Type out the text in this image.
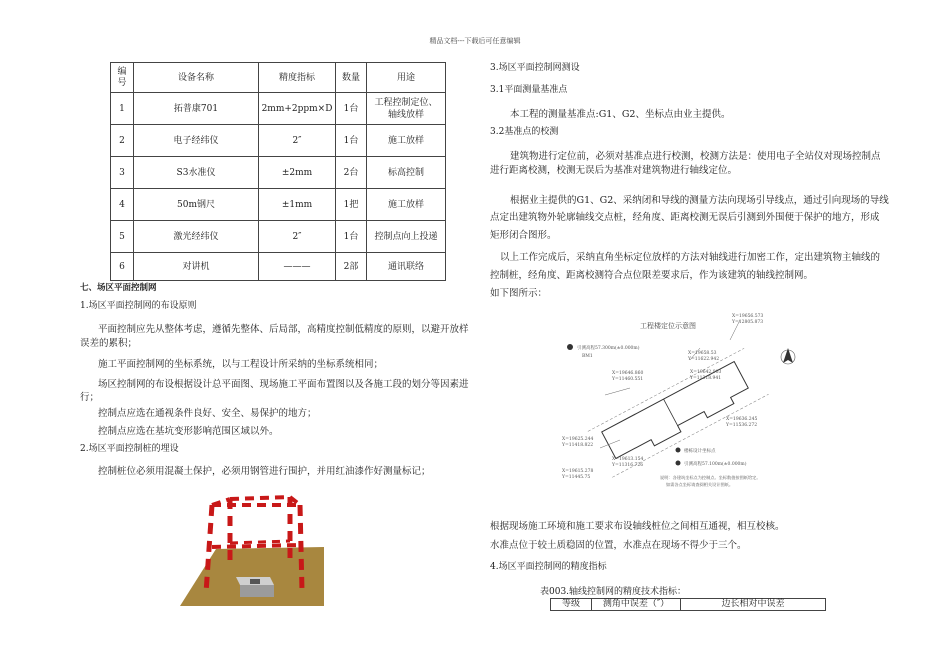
精品文档---下载后可任意编辑
编号	设备名称	精度指标	数量	用途
1	拓普康701	2mm+2ppm×D	1台	工程控制定位、轴线放样

2	电子经纬仪	2″	1台	施工放样
3	S3水准仪	±2mm	2台	标高控制
4	50m钢尺	±1mm	1把	施工放样
5	激光经纬仪	2″	1台	控制点向上投递
6	对讲机	———	2部	通讯联络
七、场区平面控制网
1.场区平面控制网的布设原则
平面控制应先从整体考虑，遵循先整体、后局部，高精度控制低精度的原则，以避开放样
误差的累积；
施工平面控制网的坐标系统，以与工程设计所采纳的坐标系统相同；
场区控制网的布设根据设计总平面图、现场施工平面布置图以及各施工段的划分等因素进
行；
控制点应选在通视条件良好、安全、易保护的地方；
控制点应选在基坑变形影响范围区域以外。
2.场区平面控制桩的埋设
控制桩位必须用混凝土保护，必须用钢管进行围护，并用红油漆作好测量标记；
3.场区平面控制网测设
3.1平面测量基准点
本工程的测量基准点:G1、G2、坐标点由业主提供。
3.2基准点的校测
建筑物进行定位前，必须对基准点进行校测，校测方法是：使用电子全站仪对现场控制点
进行距离校测，校测无误后为基准对建筑物进行轴线定位。
根据业主提供的G1、G2、采纳闭和导线的测量方法向现场引导线点，通过引向现场的导线
点定出建筑物外轮廓轴线交点桩，经角度、距离校测无误后引测到外围便于保护的地方，形成
矩形闭合图形。
以上工作完成后，采纳直角坐标定位放样的方法对轴线进行加密工作，定出建筑物主轴线的
控制桩，经角度、距离校测符合点位限差要求后，作为该建筑的轴线控制网。
如下图所示：
工程楼定位示意图
X=19656.573
Y=12805.873
X=19658.53
Y=11622.942
X=19646.860
Y=11460.551
X=19642.903
Y=11318.941
X=19636.245
Y=11536.272
X=19625.244
Y=11418.822
X=19613.154
Y=11316.726
X=19615.278
Y=11445.75
引测高程57.300m(±0.000m)
BM1
楼栋设计坐标点
引测高程57.100m(±0.000m)
说明：各建筑坐标点为控制点。坐标数值按图纸给定。
如需各点坐标请查阅相关设计图纸。
根据现场施工环境和施工要求布设轴线桩位之间相互通视，相互校核。
水准点位于较土质稳固的位置，水准点在现场不得少于三个。
4.场区平面控制网的精度指标
表003.轴线控制网的精度技术指标：
等级	测角中误差（″）	边长相对中误差
